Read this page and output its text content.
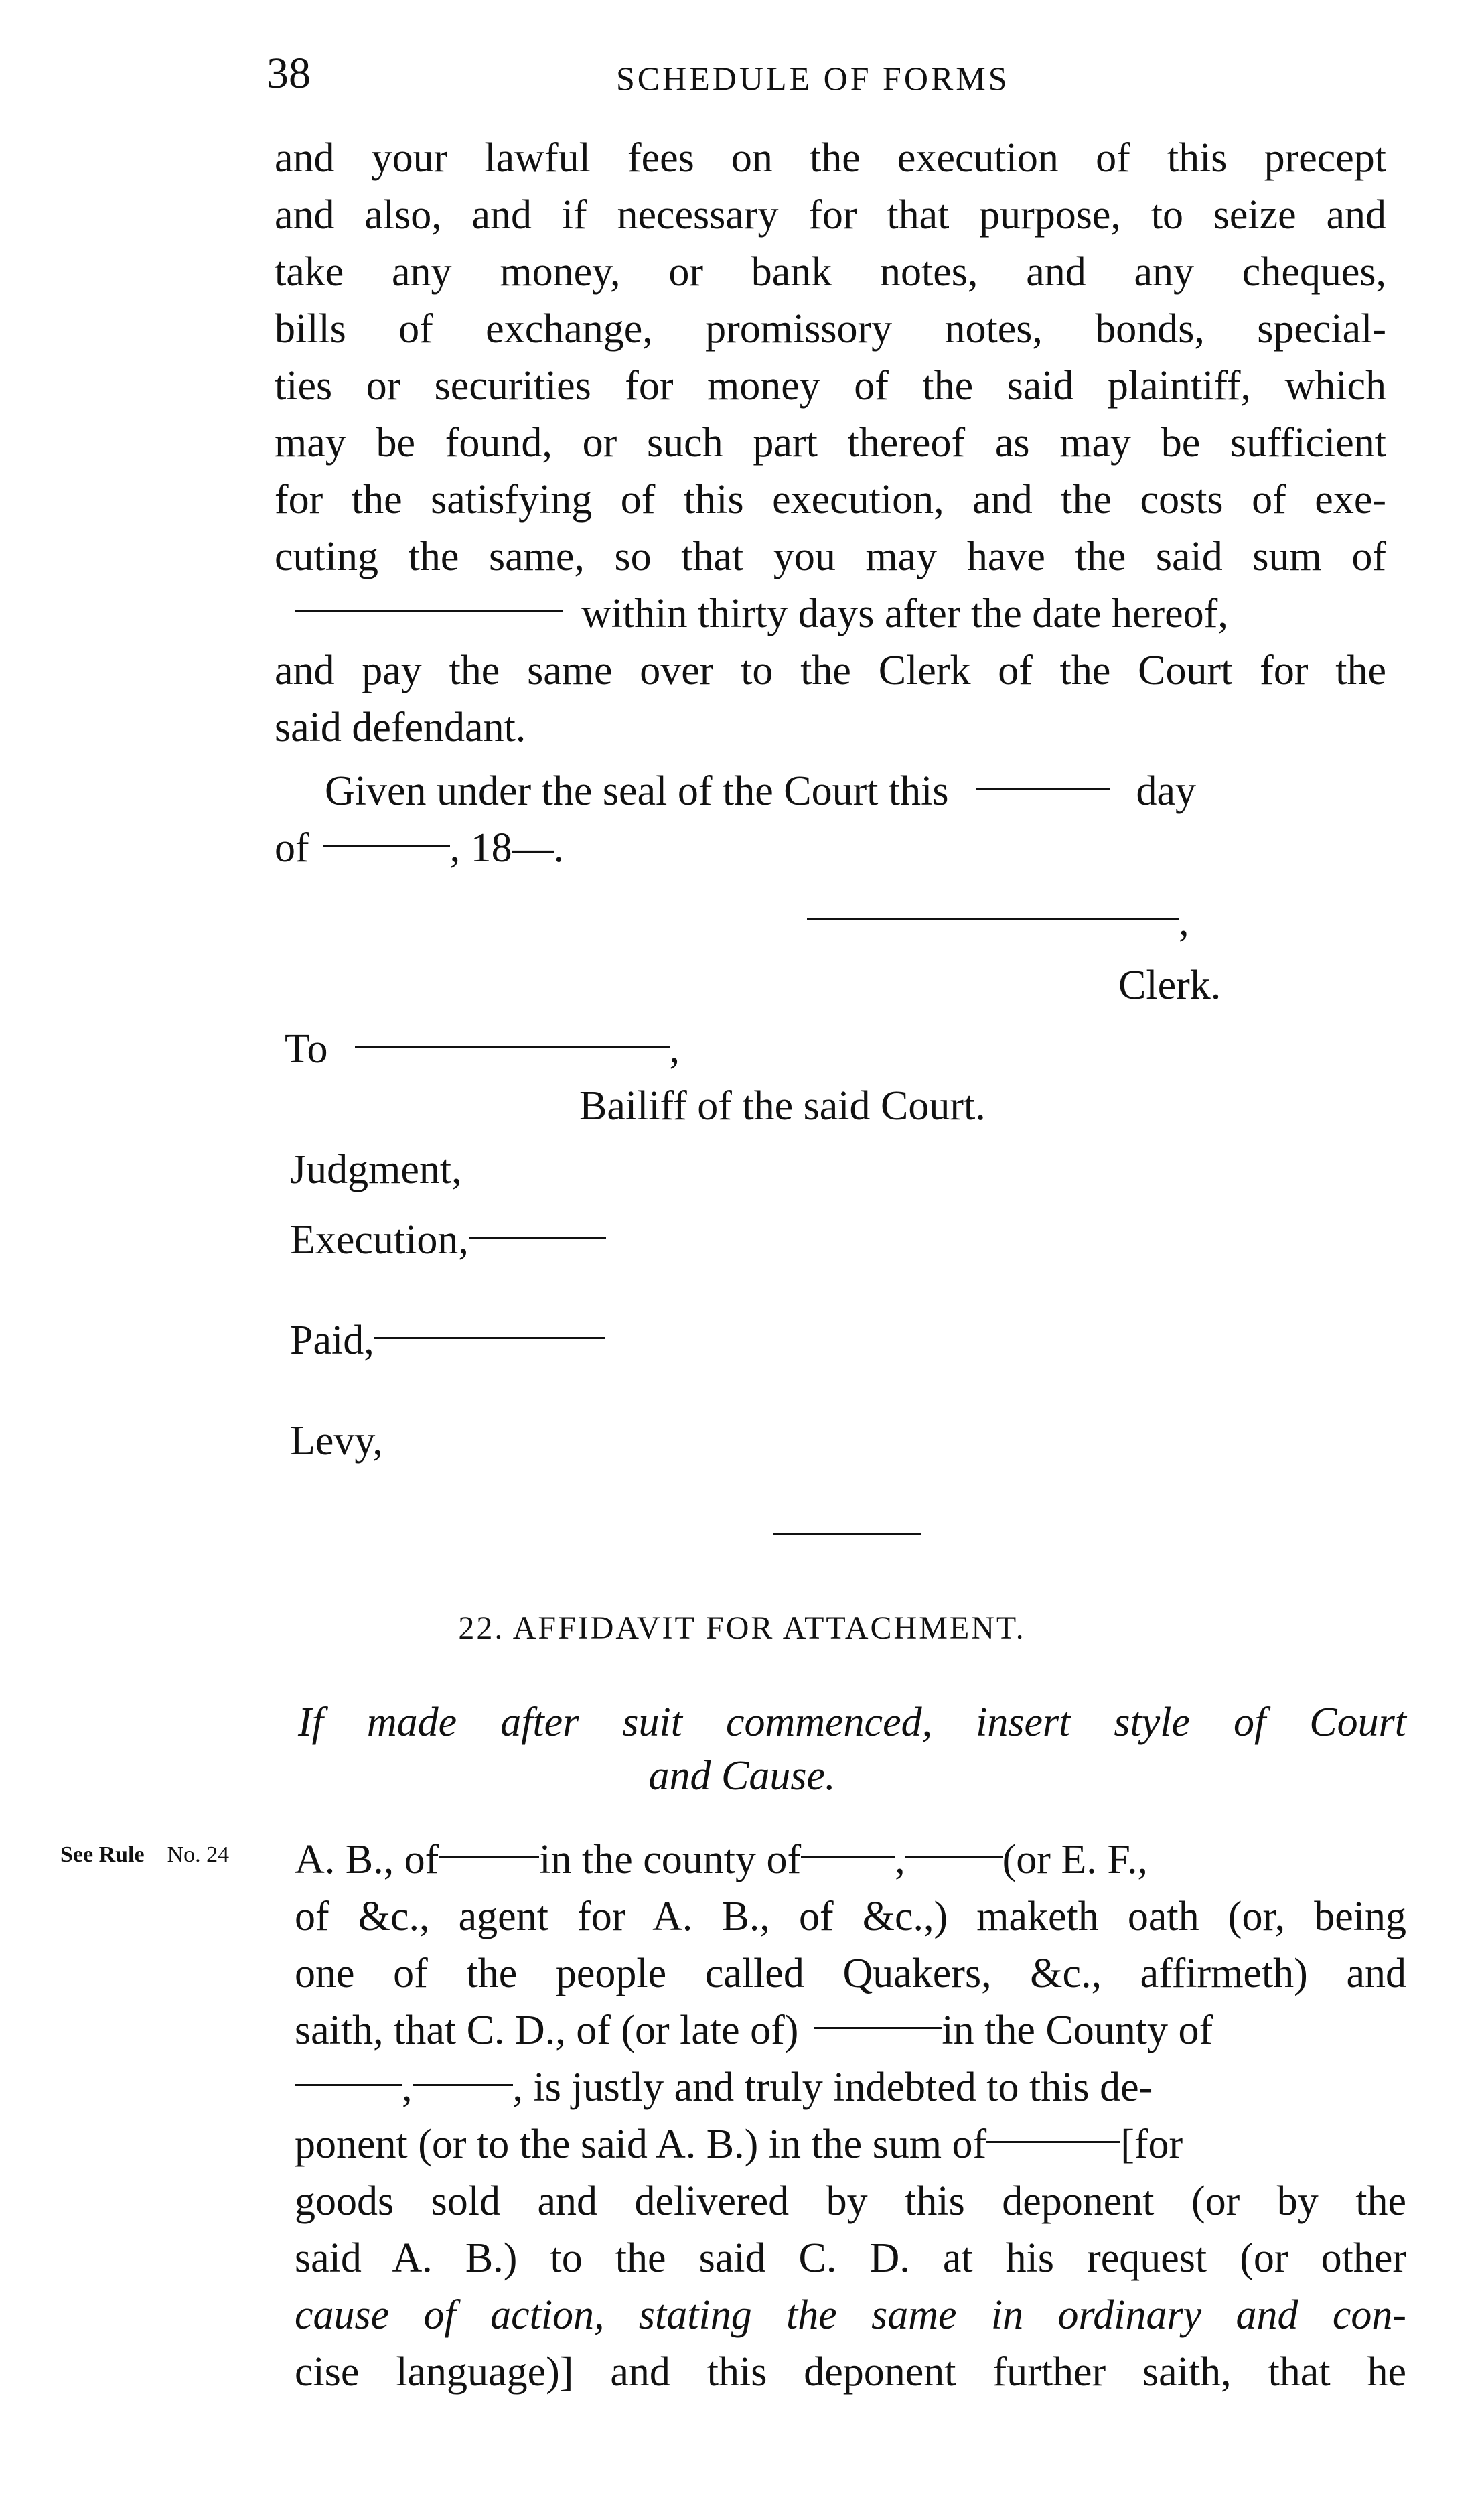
38	SCHEDULE OF FORMS
and your lawful fees on the execution of this precept
and also, and if necessary for that purpose, to seize and
take any money, or bank notes, and any cheques,
bills of exchange, promissory notes, bonds, special-
ties or securities for money of the said plaintiff, which
may be found, or such part thereof as may be sufficient
for the satisfying of this execution, and the costs of exe-
cuting the same, so that you may have the said sum of
within thirty days after the date hereof,
and pay the same over to the Clerk of the Court for the
said defendant.
Given under the seal of the Court this	day
of	, 18—.
,
Clerk.
To	,
Bailiff of the said Court.
Judgment,
Execution,
Paid,
Levy,
22. AFFIDAVIT FOR ATTACHMENT.
If made after suit commenced, insert style of Court
and Cause.
See Rule No. 24 A. B., of in the county of , (or E. F.,
of &c., agent for A. B., of &c.,) maketh oath (or, being
one of the people called Quakers, &c., affirmeth) and
saith, that C. D., of (or late of)	in the County of
, , is justly and truly indebted to this de-
ponent (or to the said A. B.) in the sum of	[for
goods sold and delivered by this deponent (or by the
said A. B.) to the said C. D. at his request (or other
cause of action, stating the same in ordinary and con-
cise language)] and this deponent further saith, that he
